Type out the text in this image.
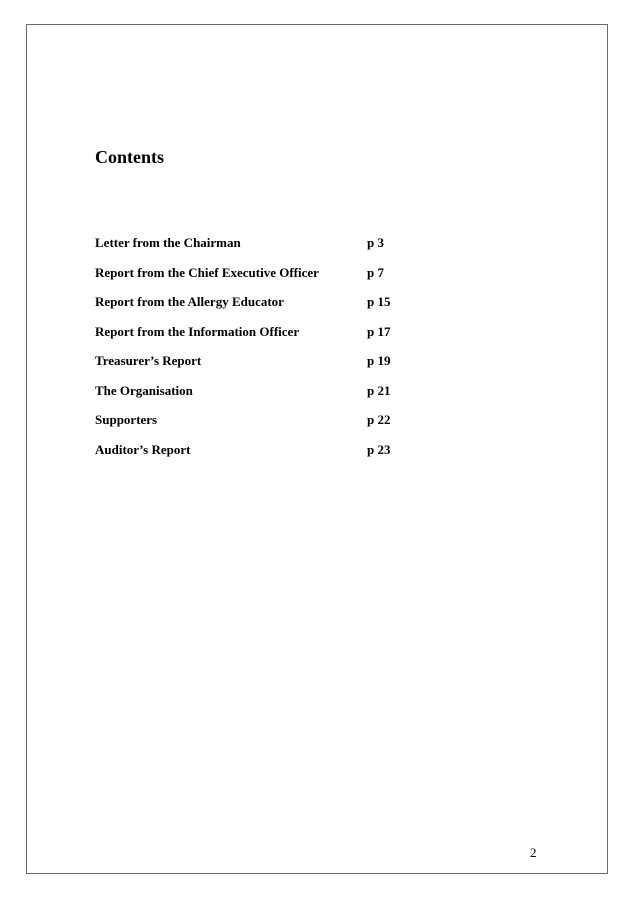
Contents
Letter from the Chairman	p 3
Report from the Chief Executive Officer	p 7
Report from the Allergy Educator	p 15
Report from the Information Officer	p 17
Treasurer’s Report	p 19
The Organisation	p 21
Supporters	p 22
Auditor’s Report	p 23
2
